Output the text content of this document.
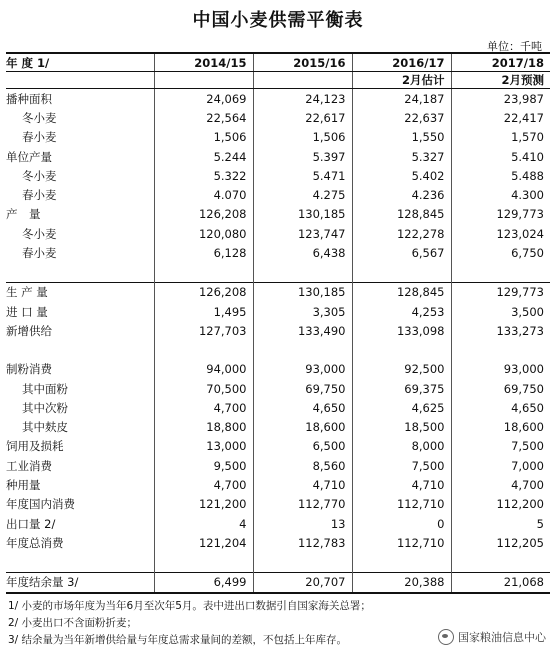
中国小麦供需平衡表
单位：千吨
年 度 1/	2014/15	2015/16	2016/17	2017/18
			2月估计	2月预测
播种面积	24,069	24,123	24,187	23,987
冬小麦	22,564	22,617	22,637	22,417
春小麦	1,506	1,506	1,550	1,570
单位产量	5.244	5.397	5.327	5.410
冬小麦	5.322	5.471	5.402	5.488
春小麦	4.070	4.275	4.236	4.300
产　量	126,208	130,185	128,845	129,773
冬小麦	120,080	123,747	122,278	123,024
春小麦	6,128	6,438	6,567	6,750

生 产 量	126,208	130,185	128,845	129,773
进 口 量	1,495	3,305	4,253	3,500
新增供给	127,703	133,490	133,098	133,273

制粉消费	94,000	93,000	92,500	93,000
其中面粉	70,500	69,750	69,375	69,750
其中次粉	4,700	4,650	4,625	4,650
其中麸皮	18,800	18,600	18,500	18,600
饲用及损耗	13,000	6,500	8,000	7,500
工业消费	9,500	8,560	7,500	7,000
种用量	4,700	4,710	4,710	4,700
年度国内消费	121,200	112,770	112,710	112,200
出口量 2/	4	13	0	5
年度总消费	121,204	112,783	112,710	112,205

年度结余量 3/	6,499	20,707	20,388	21,068
1/ 小麦的市场年度为当年6月至次年5月。表中进出口数据引自国家海关总署；
2/ 小麦出口不含面粉折麦；
3/ 结余量为当年新增供给量与年度总需求量间的差额，不包括上年库存。	国家粮油信息中心
